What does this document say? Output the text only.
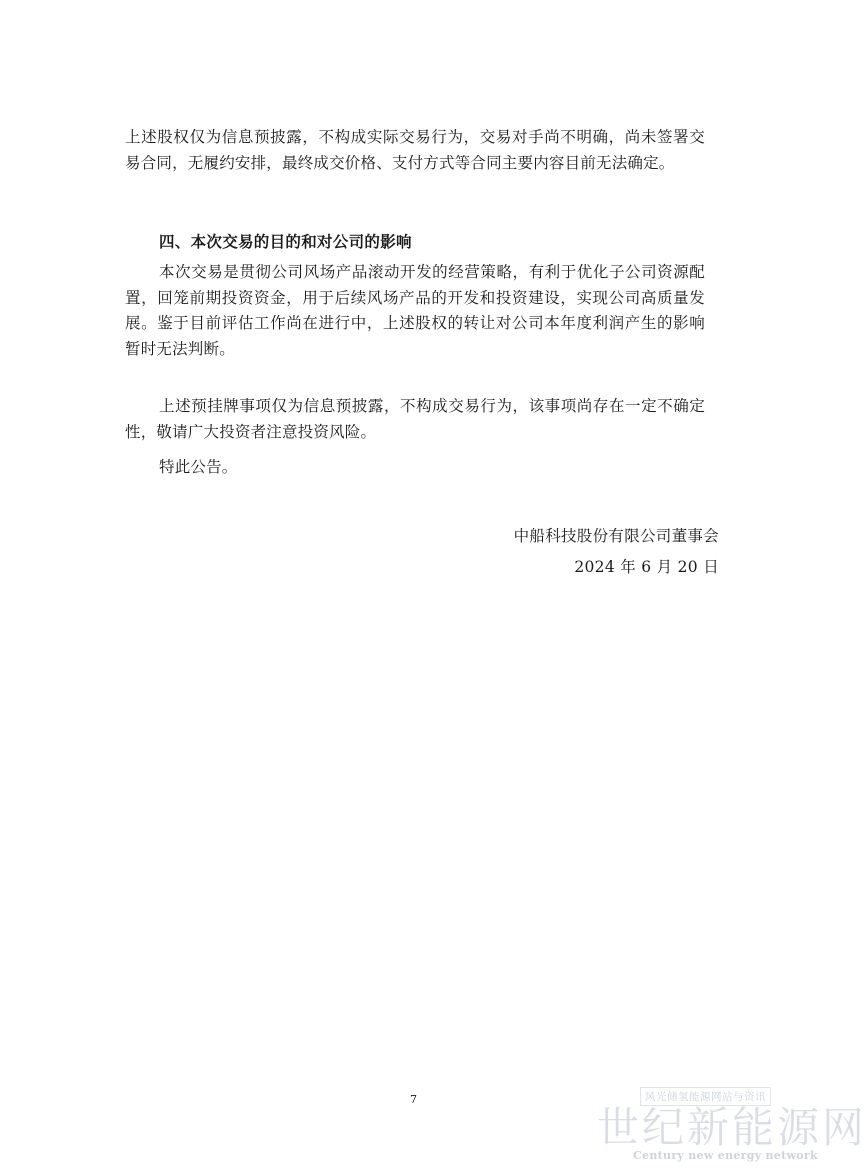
上述股权仅为信息预披露，不构成实际交易行为，交易对手尚不明确，尚未签署交易合同，无履约安排，最终成交价格、支付方式等合同主要内容目前无法确定。

四、本次交易的目的和对公司的影响

本次交易是贯彻公司风场产品滚动开发的经营策略，有利于优化子公司资源配置，回笼前期投资资金，用于后续风场产品的开发和投资建设，实现公司高质量发展。鉴于目前评估工作尚在进行中，上述股权的转让对公司本年度利润产生的影响暂时无法判断。

上述预挂牌事项仅为信息预披露，不构成交易行为，该事项尚存在一定不确定性，敬请广大投资者注意投资风险。

特此公告。

中船科技股份有限公司董事会
2024 年 6 月 20 日
7	风光储氢能源网站与资讯
世纪新能源网
Century new energy network
